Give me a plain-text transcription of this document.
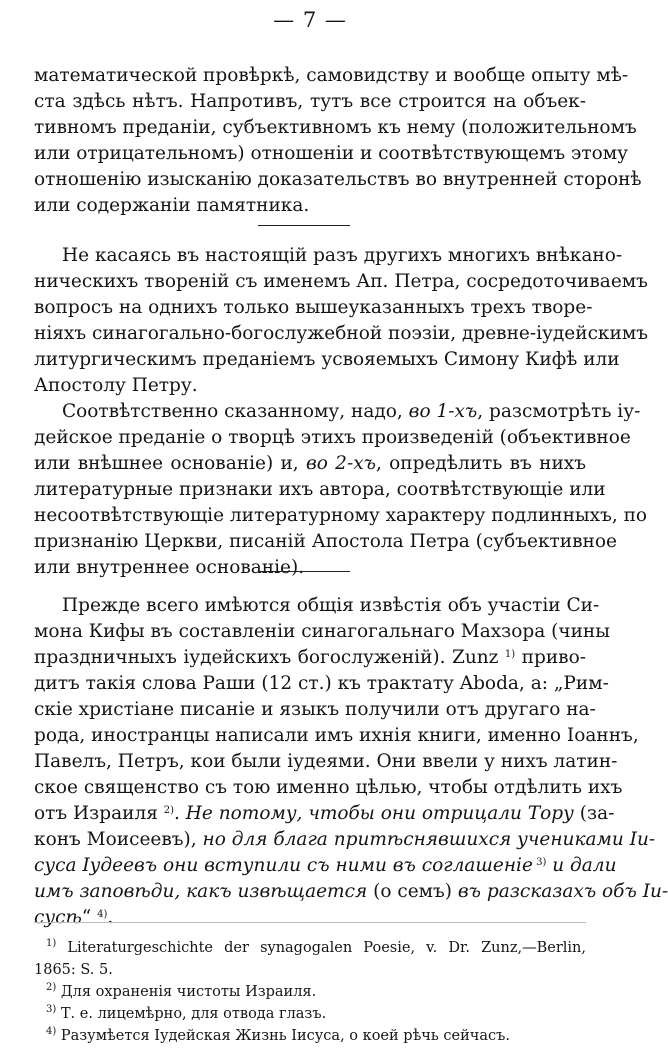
— 7 —
математической провѣркѣ, самовидству и вообще опыту мѣ-
ста здѣсь нѣтъ. Напротивъ, тутъ все строится на объек-
тивномъ преданіи, субъективномъ къ нему (положительномъ
или отрицательномъ) отношеніи и соотвѣтствующемъ этому
отношенію изысканію доказательствъ во внутренней сторонѣ
или содержаніи памятника.
Не касаясь въ настоящій разъ другихъ многихъ внѣкано-
ническихъ твореній съ именемъ Ап. Петра, сосредоточиваемъ
вопросъ на однихъ только вышеуказанныхъ трехъ творе-
ніяхъ синагогально-богослужебной поэзіи, древне-іудейскимъ
литургическимъ преданіемъ усвояемыхъ Симону Кифѣ или
Апостолу Петру.
Соотвѣтственно сказанному, надо, во 1-хъ, разсмотрѣть іу-
дейское преданіе о творцѣ этихъ произведеній (объективное
или внѣшнее основаніе) и, во 2-хъ, опредѣлить въ нихъ
литературные признаки ихъ автора, соотвѣтствующіе или
несоотвѣтствующіе литературному характеру подлинныхъ, по
признанію Церкви, писаній Апостола Петра (субъективное
или внутреннее основаніе).
Прежде всего имѣются общія извѣстія объ участіи Си-
мона Кифы въ составленіи синагогальнаго Махзора (чины
праздничныхъ іудейскихъ богослуженій). Zunz $^{1)}$ приво-
дитъ такія слова Раши (12 ст.) къ трактату Aboda, а: „Рим-
скіе христіане писаніе и языкъ получили отъ другаго на-
рода, иностранцы написали имъ ихнія книги, именно Іоаннъ,
Павелъ, Петръ, кои были іудеями. Они ввели у нихъ латин-
ское священство съ тою именно цѣлью, чтобы отдѣлить ихъ
отъ Израиля $^{2)}$. Не потому, чтобы они отрицали Тору (за-
конъ Моисеевъ), но для блага притѣснявшихся учениками Іи-
суса Іудеевъ они вступили съ ними въ соглашеніе $^{3)}$ и дали
имъ заповѣди, какъ извѣщается (о семъ) въ разсказахъ объ Іи-
сусѣ“ $^{4)}$.
$^{1)}$ Literaturgeschichte der synagogalen Poesie, v. Dr. Zunz,—Berlin,
1865: S. 5.
$^{2)}$ Для охраненія чистоты Израиля.
$^{3)}$ Т. е. лицемѣрно, для отвода глазъ.
$^{4)}$ Разумѣется Іудейская Жизнь Іисуса, о коей рѣчь сейчасъ.
